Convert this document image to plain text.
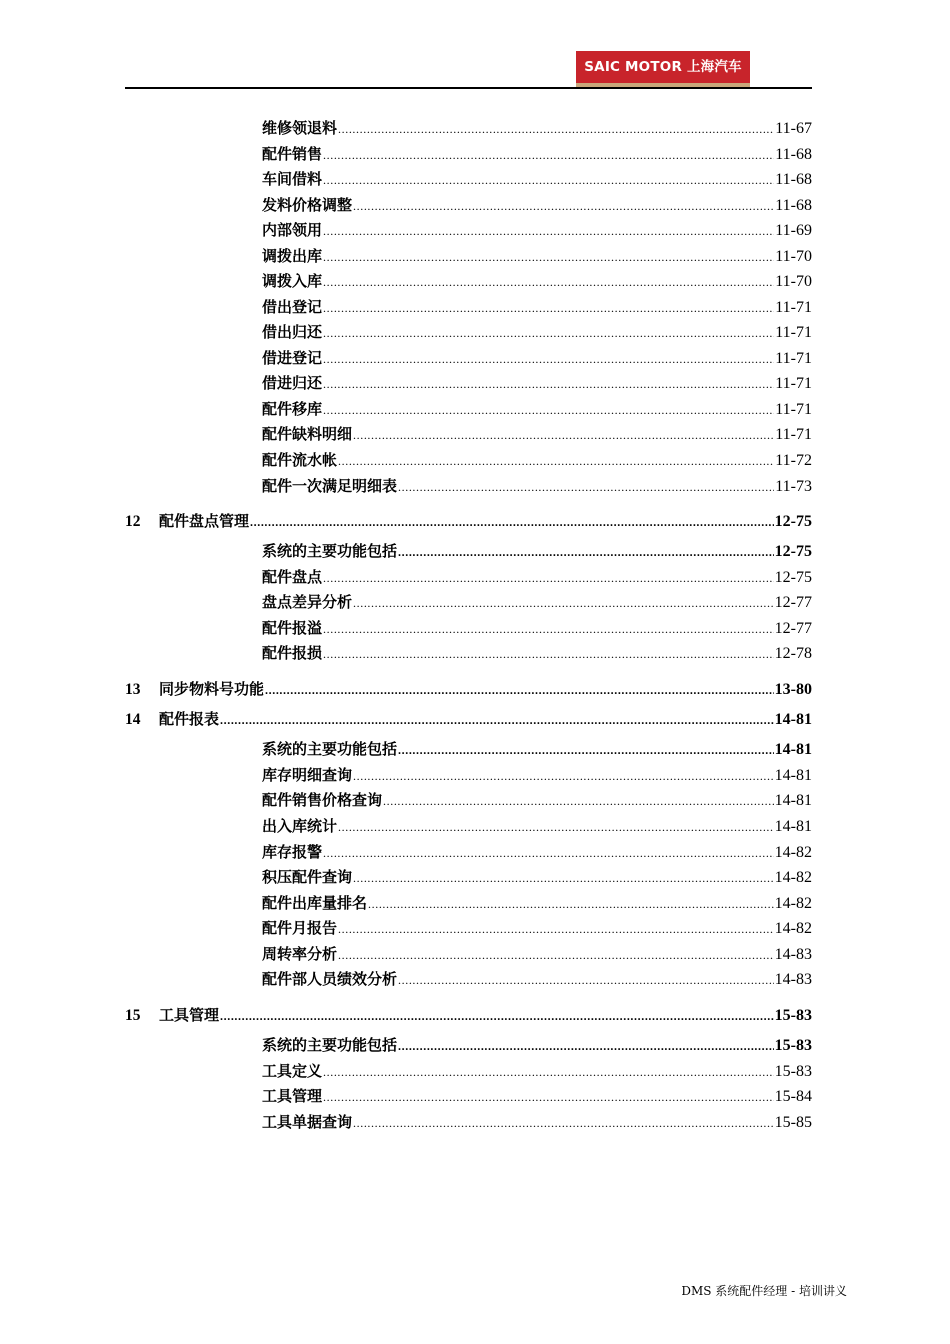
SAIC MOTOR 上海汽车
维修领退料 .....	11-67
配件销售 .....	11-68
车间借料 .....	11-68
发料价格调整 .....	11-68
内部领用 .....	11-69
调拨出库 .....	11-70
调拨入库 .....	11-70
借出登记 .....	11-71
借出归还 .....	11-71
借进登记 .....	11-71
借进归还 .....	11-71
配件移库 .....	11-71
配件缺料明细 .....	11-71
配件流水帐 .....	11-72
配件一次满足明细表 .....	11-73
12	配件盘点管理 .....	12-75
系统的主要功能包括 .....	12-75
配件盘点 .....	12-75
盘点差异分析 .....	12-77
配件报溢 .....	12-77
配件报损 .....	12-78
13	同步物料号功能 .....	13-80
14	配件报表 .....	14-81
系统的主要功能包括 .....	14-81
库存明细查询 .....	14-81
配件销售价格查询 .....	14-81
出入库统计 .....	14-81
库存报警 .....	14-82
积压配件查询 .....	14-82
配件出库量排名 .....	14-82
配件月报告 .....	14-82
周转率分析 .....	14-83
配件部人员绩效分析 .....	14-83
15	工具管理 .....	15-83
系统的主要功能包括 .....	15-83
工具定义 .....	15-83
工具管理 .....	15-84
工具单据查询 .....	15-85
DMS 系统配件经理 - 培训讲义
